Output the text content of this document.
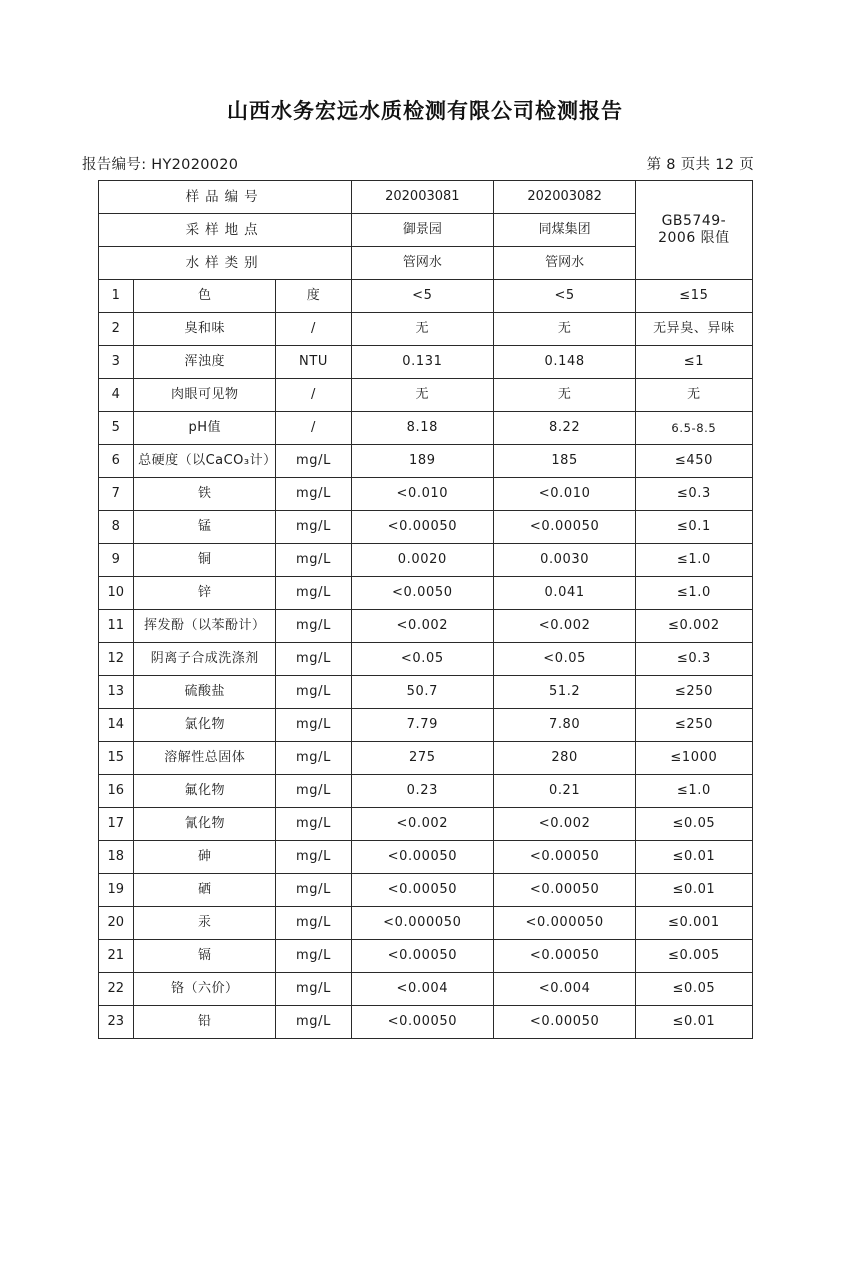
山西水务宏远水质检测有限公司检测报告
报告编号: HY2020020	第 8 页共 12 页
样品编号			202003081	202003082	GB5749-
2006 限值

采样地点			御景园	同煤集团	
水样类别			管网水	管网水	
1	色	度	<5	<5	≤15
2	臭和味	/	无	无	无异臭、异味
3	浑浊度	NTU	0.131	0.148	≤1
4	肉眼可见物	/	无	无	无
5	pH值	/	8.18	8.22	6.5-8.5
6	总硬度（以CaCO₃计）	mg/L	189	185	≤450
7	铁	mg/L	<0.010	<0.010	≤0.3
8	锰	mg/L	<0.00050	<0.00050	≤0.1
9	铜	mg/L	0.0020	0.0030	≤1.0
10	锌	mg/L	<0.0050	0.041	≤1.0
11	挥发酚（以苯酚计）	mg/L	<0.002	<0.002	≤0.002
12	阴离子合成洗涤剂	mg/L	<0.05	<0.05	≤0.3
13	硫酸盐	mg/L	50.7	51.2	≤250
14	氯化物	mg/L	7.79	7.80	≤250
15	溶解性总固体	mg/L	275	280	≤1000
16	氟化物	mg/L	0.23	0.21	≤1.0
17	氰化物	mg/L	<0.002	<0.002	≤0.05
18	砷	mg/L	<0.00050	<0.00050	≤0.01
19	硒	mg/L	<0.00050	<0.00050	≤0.01
20	汞	mg/L	<0.000050	<0.000050	≤0.001
21	镉	mg/L	<0.00050	<0.00050	≤0.005
22	铬（六价）	mg/L	<0.004	<0.004	≤0.05
23	铅	mg/L	<0.00050	<0.00050	≤0.01
